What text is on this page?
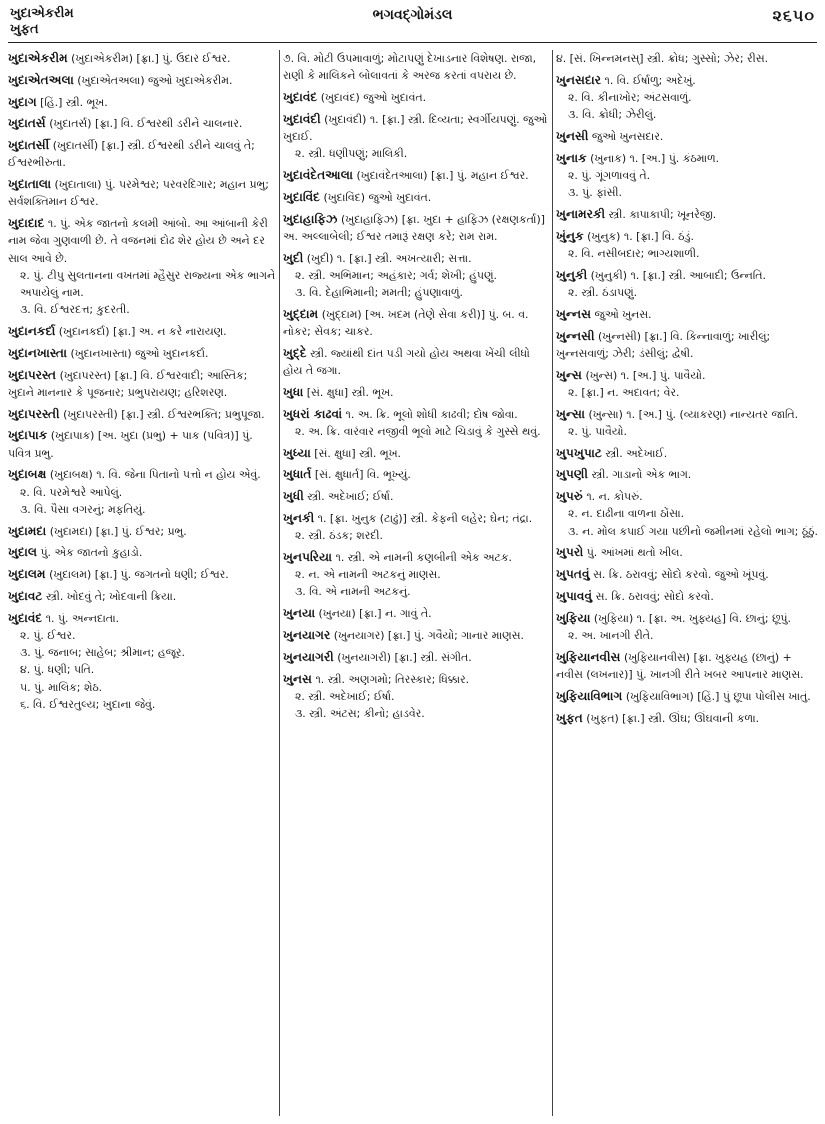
ખુદાએકરીમ
ખુફત
ભગવદ્ગોમંડલ	૨૬૫૦
ખુદાએકરીમ (ખુદાએકરીમ) [ફ્રા.] પું. ઉદાર ઈશ્વર.
ખુદાએતઅલા (ખુદાએતઅલા) જુઓ ખુદાએકરીમ.
ખુદાગ [હિં.] સ્ત્રી. ભૂખ.
ખુદાતર્સ (ખુદાતર્સ) [ફ્રા.] વિ. ઈશ્વરથી ડરીને ચાલનાર.
ખુદાતર્સી (ખુદાતર્સી) [ફ્રા.] સ્ત્રી. ઈશ્વરથી ડરીને ચાલવું તે; ઈશ્વરભીરુતા.
ખુદાતાલા (ખુદાતાલા) પું. પરમેશ્વર; પરવરદિગાર; મહાન પ્રભુ; સર્વશક્તિમાન ઈશ્વર.
ખુદાદાદ ૧. પું. એક જાતનો કલમી આંબો. આ આંબાની કેરી નામ જેવા ગુણવાળી છે. તે વજનમાં દોઢ શેર હોય છે અને દર સાલ આવે છે.
૨. પું. ટીપુ સુલતાનના વખતમાં મ્હૈસુર રાજ્યના એક ભાગને અપાયેલું નામ.
૩. વિ. ઈશ્વરદત્ત; કુદરતી.
ખુદાનકર્દા (ખુદાનકર્દા) [ફ્રા.] અ. ન કરે નારાયણ.
ખુદાનખાસ્તા (ખુદાનખાસ્તા) જુઓ ખુદાનકર્દા.
ખુદાપરસ્ત (ખુદાપરસ્ત) [ફ્રા.] વિ. ઈશ્વરવાદી; આસ્તિક; ખુદાને માનનાર કે પૂજનાર; પ્રભુપરાયણ; હરિશરણ.
ખુદાપરસ્તી (ખુદાપરસ્તી) [ફ્રા.] સ્ત્રી. ઈશ્વરભક્તિ; પ્રભુપૂજા.
ખુદાપાક (ખુદાપાક) [અ. ખુદા (પ્રભુ) + પાક (પવિત્ર)] પું. પવિત્ર પ્રભુ.
ખુદાબક્ષ (ખુદાબક્ષ) ૧. વિ. જેના પિતાનો પત્તો ન હોય એવું.
૨. વિ. પરમેશ્વરે આપેલું.
૩. વિ. પૈસા વગરનું; મફતિયું.
ખુદામદા (ખુદામદા) [ફ્રા.] પું. ઈશ્વર; પ્રભુ.
ખુદાલ પું. એક જાતનો કુહાડો.
ખુદાલમ (ખુદાલમ) [ફ્રા.] પું. જગતનો ધણી; ઈશ્વર.
ખુદાવટ સ્ત્રી. ખોદવું તે; ખોદવાની ક્રિયા.
ખુદાવંદ ૧. પું. અન્નદાતા.
૨. પું. ઈશ્વર.
૩. પું. જનાબ; સાહેબ; શ્રીમાન; હજૂર.
૪. પું. ધણી; પતિ.
૫. પું. માલિક; શેઠ.
૬. વિ. ઈશ્વરતુલ્ય; ખુદાના જેવું.
૭. વિ. મોટી ઉપમાવાળું; મોટાપણું દેખાડનાર વિશેષણ. રાજા, રાણી કે માલિકને બોલાવતાં કે અરજ કરતાં વપરાય છે.
ખુદાવંદ (ખુદાવંદ) જુઓ ખુદાવંત.
ખુદાવંદી (ખુદાવંદી) ૧. [ફ્રા.] સ્ત્રી. દિવ્યતા; સ્વર્ગીયપણું. જુઓ ખુદાઈ.
૨. સ્ત્રી. ધણીપણું; માલિકી.
ખુદાવંદેતઆલા (ખુદાવંદેતઆલા) [ફ્રા.] પું. મહાન ઈશ્વર.
ખુદાવિંદ (ખુદાવિંદ) જુઓ ખુદાવંત.
ખુદાહાફિઝ (ખુદાહાફિઝ) [ફ્રા. ખુદા + હાફિઝ (રક્ષણકર્તા)] અ. અલ્લાબેલી; ઈશ્વર તમારૂં રક્ષણ કરે; રામ રામ.
ખુદી (ખુદી) ૧. [ફ્રા.] સ્ત્રી. અખત્યારી; સત્તા.
૨. સ્ત્રી. અભિમાન; અહંકાર; ગર્વ; શેખી; હુંપણું.
૩. વિ. દેહાભિમાની; મમતી; હુંપણાવાળું.
ખુદ્દામ (ખુદ્દામ) [અ. ખદમ (તેણે સેવા કરી)] પું. બ. વ. નોકર; સેવક; ચાકર.
ખુદ્દે સ્ત્રી. જ્યાંથી દાંત પડી ગયો હોય અથવા ખેંચી લીધો હોય તે જગા.
ખુધા [સં. ક્ષુધા] સ્ત્રી. ભૂખ.
ખુધરાં કાઢવાં ૧. અ. ક્રિ. ભૂલો શોધી કાઢવી; દોષ જોવા.
૨. અ. ક્રિ. વારંવાર નજીવી ભૂલો માટે ચિડાવું કે ગુસ્સે થવું.
ખુધ્યા [સં. ક્ષુધા] સ્ત્રી. ભૂખ.
ખુધાર્ત [સં. ક્ષુધાર્ત] વિ. ભૂખ્યું.
ખુધી સ્ત્રી. અદેખાઈ; ઈર્ષા.
ખુનકી ૧. [ફ્રા. ખુનુક (ટાઢું)] સ્ત્રી. કેફની લહેર; ઘેન; તંદ્રા.
૨. સ્ત્રી. ઠંડક; શરદી.
ખુનપરિયા ૧. સ્ત્રી. એ નામની કણબીની એક અટક.
૨. ન. એ નામની અટકનું માણસ.
૩. વિ. એ નામની અટકનું.
ખુનયા (ખુનયા) [ફ્રા.] ન. ગાવું તે.
ખુનયાગર (ખુનયાગર) [ફ્રા.] પું. ગવૈયો; ગાનાર માણસ.
ખુનયાગરી (ખુનયાગરી) [ફ્રા.] સ્ત્રી. સંગીત.
ખુનસ ૧. સ્ત્રી. અણગમો; તિરસ્કાર; ધિક્કાર.
૨. સ્ત્રી. અદેખાઈ; ઈર્ષા.
૩. સ્ત્રી. અંટસ; કીનો; હાડવેર.
૪. [સં. ખિન્નમનસ્] સ્ત્રી. ક્રોધ; ગુસ્સો; ઝેર; રીસ.
ખુનસદાર ૧. વિ. ઈર્ષાળુ; અદેખું.
૨. વિ. કીનાખોર; અંટસવાળું.
૩. વિ. ક્રોધી; ઝેરીલું.
ખુનસી જુઓ ખુનસદાર.
ખુનાક (ખુનાક) ૧. [અ.] પું. કંઠમાળ.
૨. પું. ગૂંગળાવવું તે.
૩. પું. ફાંસી.
ખુનામરકી સ્ત્રી. કાપાકાપી; ખૂનરેજી.
ખુંનુક (ખુનુક) ૧. [ફ્રા.] વિ. ઠંડું.
૨. વિ. નસીબદાર; ભાગ્યશાળી.
ખુનુકી (ખુનુકી) ૧. [ફ્રા.] સ્ત્રી. આબાદી; ઉન્નતિ.
૨. સ્ત્રી. ઠંડાપણું.
ખુન્નસ જુઓ ખુનસ.
ખુન્નસી (ખુન્નસી) [ફ્રા.] વિ. કિન્નાવાળું; ખારીલું; ખુન્નસવાળું; ઝેરી; ડંસીલું; દ્વેષી.
ખુન્સ (ખુન્સ) ૧. [અ.] પું. પાવૈયો.
૨. [ફ્રા.] ન. અદાવત; વેર.
ખુન્સા (ખુન્સા) ૧. [અ.] પું. (વ્યાકરણ) નાન્યતર જાતિ.
૨. પું. પાવૈયો.
ખુપખુપાટ સ્ત્રી. અદેખાઈ.
ખુપણી સ્ત્રી. ગાડાનો એક ભાગ.
ખુપરું ૧. ન. કોપરું.
૨. ન. દાઢીના વાળના ઠોંસા.
૩. ન. મોલ કપાઈ ગયા પછીનો જમીનમાં રહેલો ભાગ; ઠૂંઠું.
ખુપરો પું. આંખમાં થતો ખીલ.
ખુપતવું સ. ક્રિ. ઠરાવવું; સોદો કરવો. જુઓ ખૂંપવું.
ખુપાવવું સ. ક્રિ. ઠરાવવું; સોદો કરવો.
ખુફિયા (ખુફિયા) ૧. [ફ્રા. અ. ખુફ્યહ] વિ. છાનું; છૂપું.
૨. અ. ખાનગી રીતે.
ખુફિયાનવીસ (ખુફિયાનવીસ) [ફ્રા. ખુફ્યહ (છાનું) + નવીસ (લખનાર)] પું. ખાનગી રીતે ખબર આપનાર માણસ.
ખુફિયાવિભાગ (ખુફિયાવિભાગ) [હિં.] પું છૂપા પોલીસ ખાતું.
ખુફત (ખુફત) [ફ્રા.] સ્ત્રી. ઊંઘ; ઊંઘવાની કળા.
